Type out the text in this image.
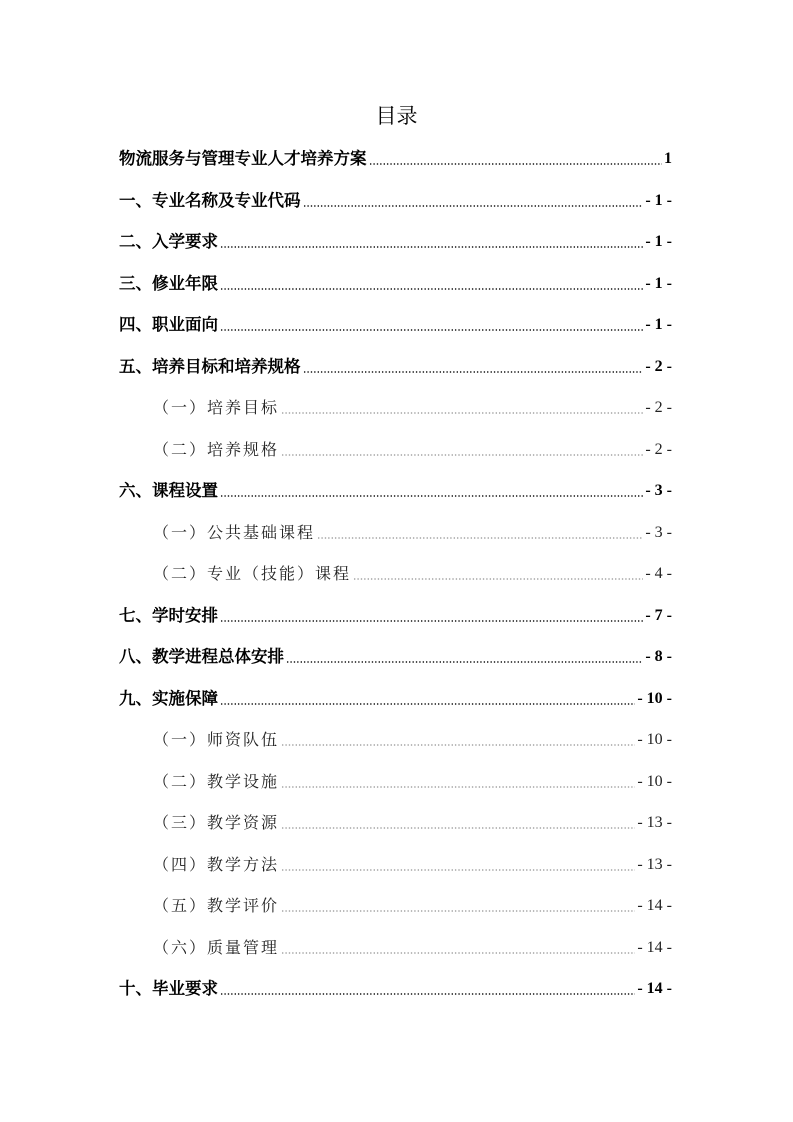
目录
物流服务与管理专业人才培养方案	1
一、专业名称及专业代码	- 1 -
二、入学要求	- 1 -
三、修业年限	- 1 -
四、职业面向	- 1 -
五、培养目标和培养规格	- 2 -
（一）培养目标	- 2 -
（二）培养规格	- 2 -
六、课程设置	- 3 -
（一）公共基础课程	- 3 -
（二）专业（技能）课程	- 4 -
七、学时安排	- 7 -
八、教学进程总体安排	- 8 -
九、实施保障	- 10 -
（一）师资队伍	- 10 -
（二）教学设施	- 10 -
（三）教学资源	- 13 -
（四）教学方法	- 13 -
（五）教学评价	- 14 -
（六）质量管理	- 14 -
十、毕业要求	- 14 -
